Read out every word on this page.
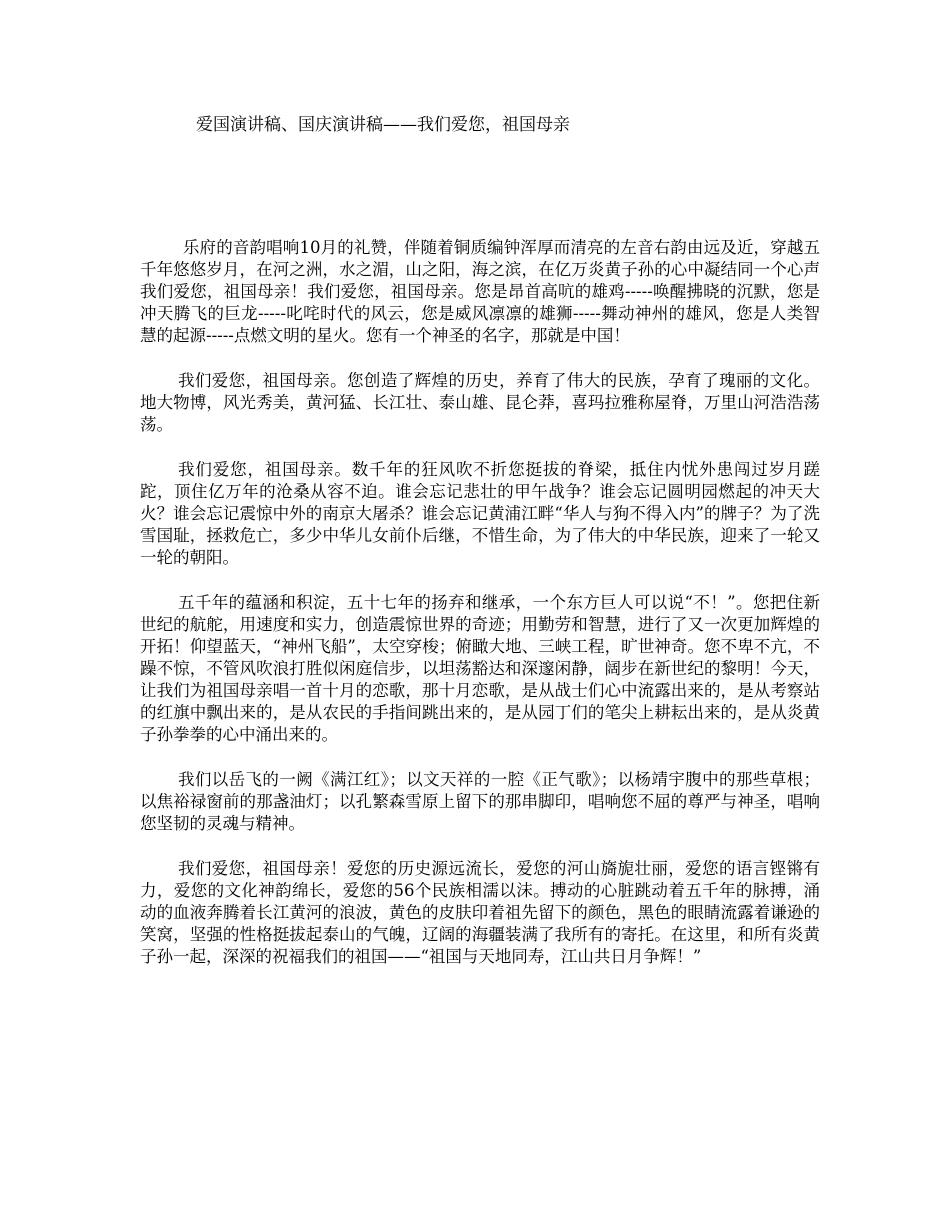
爱国演讲稿、国庆演讲稿——我们爱您，祖国母亲

乐府的音韵唱响10月的礼赞，伴随着铜质编钟浑厚而清亮的左音右韵由远及近，穿越五千年悠悠岁月，在河之洲，水之湄，山之阳，海之滨，在亿万炎黄子孙的心中凝结同一个心声我们爱您，祖国母亲！我们爱您，祖国母亲。您是昂首高吭的雄鸡-----唤醒拂晓的沉默，您是冲天腾飞的巨龙-----叱咤时代的风云，您是威风凛凛的雄狮-----舞动神州的雄风，您是人类智慧的起源-----点燃文明的星火。您有一个神圣的名字，那就是中国！

我们爱您，祖国母亲。您创造了辉煌的历史，养育了伟大的民族，孕育了瑰丽的文化。地大物博，风光秀美，黄河猛、长江壮、泰山雄、昆仑莽，喜玛拉雅称屋脊，万里山河浩浩荡荡。

我们爱您，祖国母亲。数千年的狂风吹不折您挺拔的脊梁，抵住内忧外患闯过岁月蹉跎，顶住亿万年的沧桑从容不迫。谁会忘记悲壮的甲午战争？谁会忘记圆明园燃起的冲天大火？谁会忘记震惊中外的南京大屠杀？谁会忘记黄浦江畔“华人与狗不得入内”的牌子？为了洗雪国耻，拯救危亡，多少中华儿女前仆后继，不惜生命，为了伟大的中华民族，迎来了一轮又一轮的朝阳。

五千年的蕴涵和积淀，五十七年的扬弃和继承，一个东方巨人可以说“不！”。您把住新世纪的航舵，用速度和实力，创造震惊世界的奇迹；用勤劳和智慧，进行了又一次更加辉煌的开拓！仰望蓝天，“神州飞船”，太空穿梭；俯瞰大地、三峡工程，旷世神奇。您不卑不亢，不躁不惊，不管风吹浪打胜似闲庭信步，以坦荡豁达和深邃闲静，阔步在新世纪的黎明！今天，让我们为祖国母亲唱一首十月的恋歌，那十月恋歌，是从战士们心中流露出来的，是从考察站的红旗中飘出来的，是从农民的手指间跳出来的，是从园丁们的笔尖上耕耘出来的，是从炎黄子孙拳拳的心中涌出来的。

我们以岳飞的一阙《满江红》；以文天祥的一腔《正气歌》；以杨靖宇腹中的那些草根；以焦裕禄窗前的那盏油灯；以孔繁森雪原上留下的那串脚印，唱响您不屈的尊严与神圣，唱响您坚韧的灵魂与精神。

我们爱您，祖国母亲！爱您的历史源远流长，爱您的河山旖旎壮丽，爱您的语言铿锵有力，爱您的文化神韵绵长，爱您的56个民族相濡以沫。搏动的心脏跳动着五千年的脉搏，涌动的血液奔腾着长江黄河的浪波，黄色的皮肤印着祖先留下的颜色，黑色的眼睛流露着谦逊的笑窝，坚强的性格挺拔起泰山的气魄，辽阔的海疆装满了我所有的寄托。在这里，和所有炎黄子孙一起，深深的祝福我们的祖国——“祖国与天地同寿，江山共日月争辉！”
